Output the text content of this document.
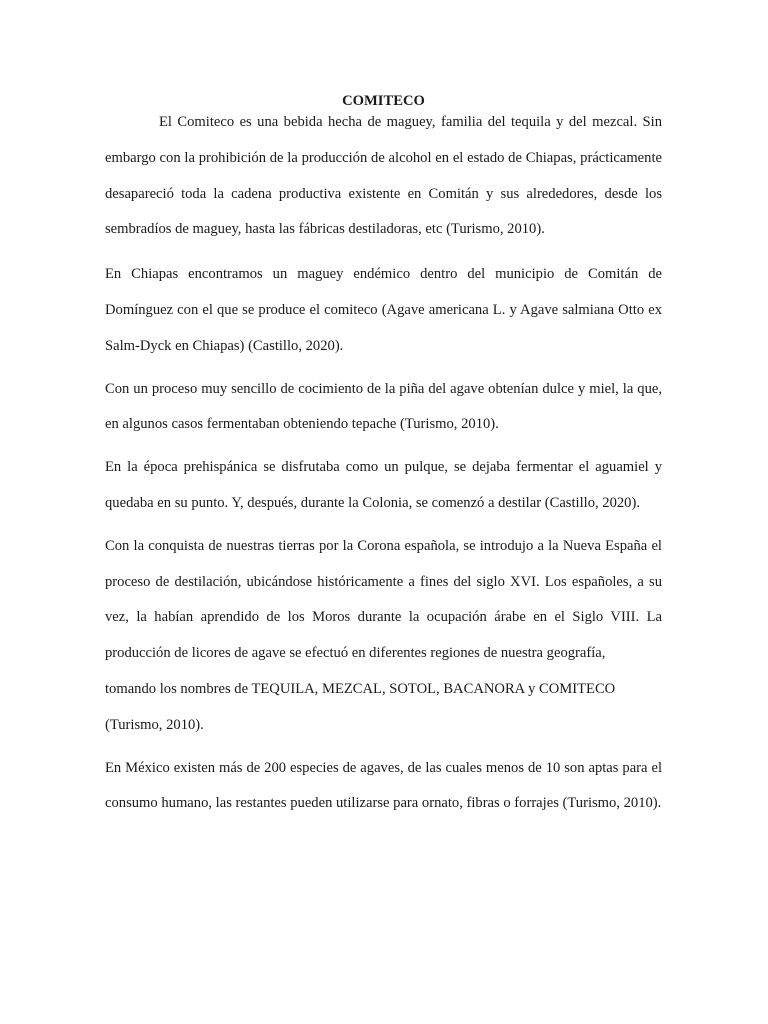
COMITECO

El Comiteco es una bebida hecha de maguey, familia del tequila y del mezcal. Sin embargo con la prohibición de la producción de alcohol en el estado de Chiapas, prácticamente desapareció toda la cadena productiva existente en Comitán y sus alrededores, desde los sembradíos de maguey, hasta las fábricas destiladoras, etc (Turismo, 2010).

En Chiapas encontramos un maguey endémico dentro del municipio de Comitán de Domínguez con el que se produce el comiteco (Agave americana L. y Agave salmiana Otto ex Salm-Dyck en Chiapas) (Castillo, 2020).

Con un proceso muy sencillo de cocimiento de la piña del agave obtenían dulce y miel, la que, en algunos casos fermentaban obteniendo tepache (Turismo, 2010).

En la época prehispánica se disfrutaba como un pulque, se dejaba fermentar el aguamiel y quedaba en su punto. Y, después, durante la Colonia, se comenzó a destilar (Castillo, 2020).

Con la conquista de nuestras tierras por la Corona española, se introdujo a la Nueva España el proceso de destilación, ubicándose históricamente a fines del siglo XVI. Los españoles, a su vez, la habían aprendido de los Moros durante la ocupación árabe en el Siglo VIII. La producción de licores de agave se efectuó en diferentes regiones de nuestra geografía,

tomando los nombres de TEQUILA, MEZCAL, SOTOL, BACANORA y COMITECO (Turismo, 2010).

En México existen más de 200 especies de agaves, de las cuales menos de 10 son aptas para el consumo humano, las restantes pueden utilizarse para ornato, fibras o forrajes (Turismo, 2010).
